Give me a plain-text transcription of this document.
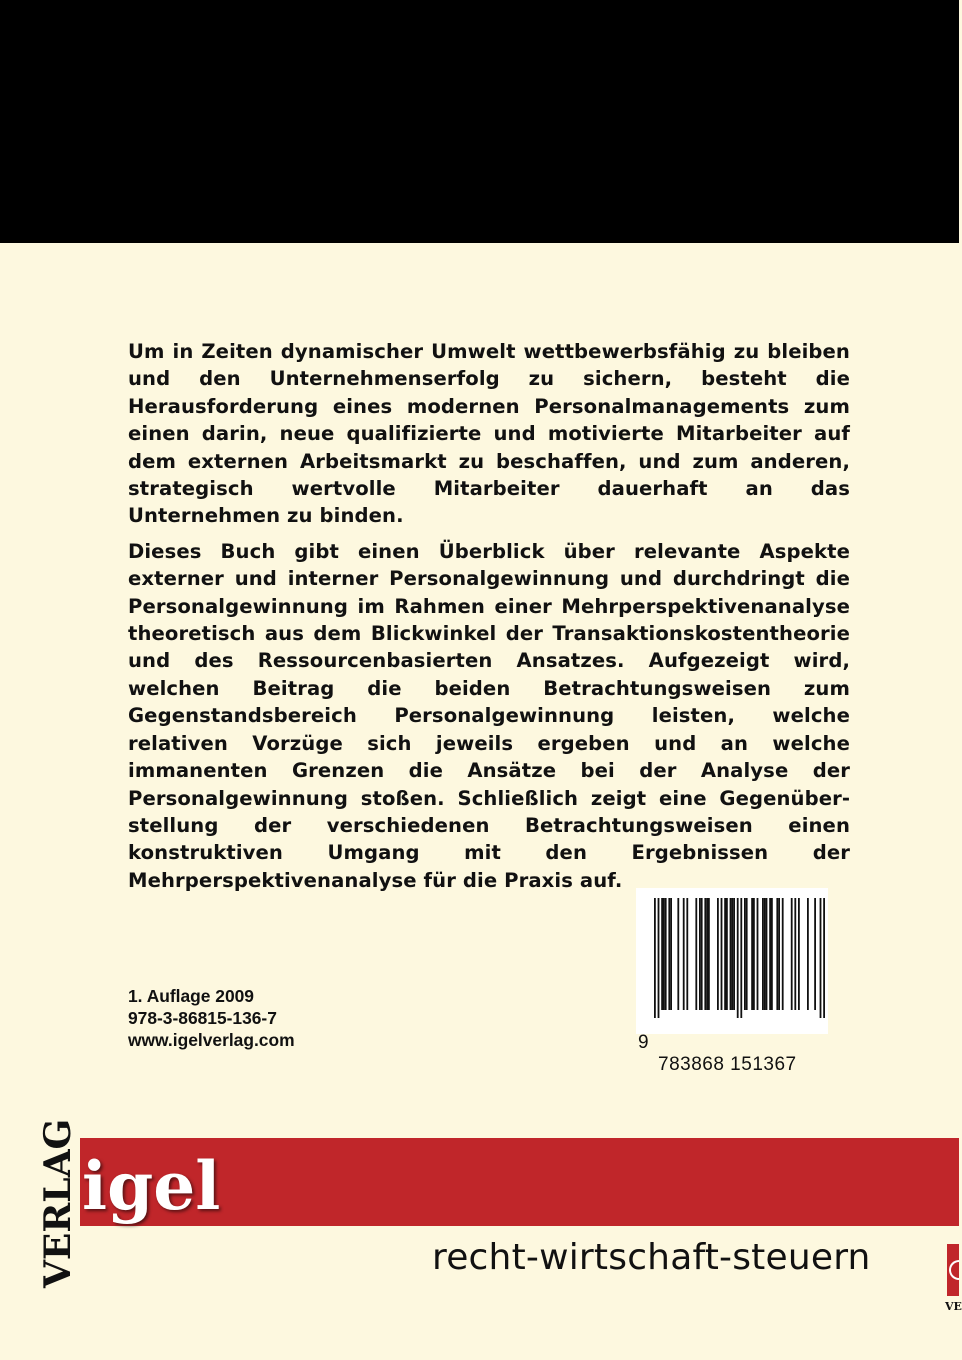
Um in Zeiten dynamischer Umwelt wettbewerbsfähig zu bleiben und den Unternehmenserfolg zu sichern, besteht die Herausforderung eines modernen Personalmanagements zum einen darin, neue qualifizierte und motivierte Mitarbeiter auf dem externen Arbeitsmarkt zu beschaffen, und zum anderen, strategisch wertvolle Mitarbeiter dauerhaft an das Unternehmen zu binden.

Dieses Buch gibt einen Überblick über relevante Aspekte externer und interner Personalgewinnung und durchdringt die Personalgewinnung im Rahmen einer Mehrperspektivenanalyse theoretisch aus dem Blickwinkel der Transaktionskostentheorie und des Ressourcenbasierten Ansatzes. Aufgezeigt wird, welchen Beitrag die beiden Betrachtungsweisen zum Gegenstandsbereich Personalgewinnung leisten, welche relativen Vorzüge sich jeweils ergeben und an welche immanenten Grenzen die Ansätze bei der Analyse der Personalgewinnung stoßen. Schließlich zeigt eine Gegenüberstellung der verschiedenen Betrachtungsweisen einen konstruktiven Umgang mit den Ergebnissen der Mehrperspektivenanalyse für die Praxis auf.

1. Auflage 2009
978-3-86815-136-7
www.igelverlag.com

	9

783868 151367

igel
VERLAG	recht-wirtschaft-steuern
VE
